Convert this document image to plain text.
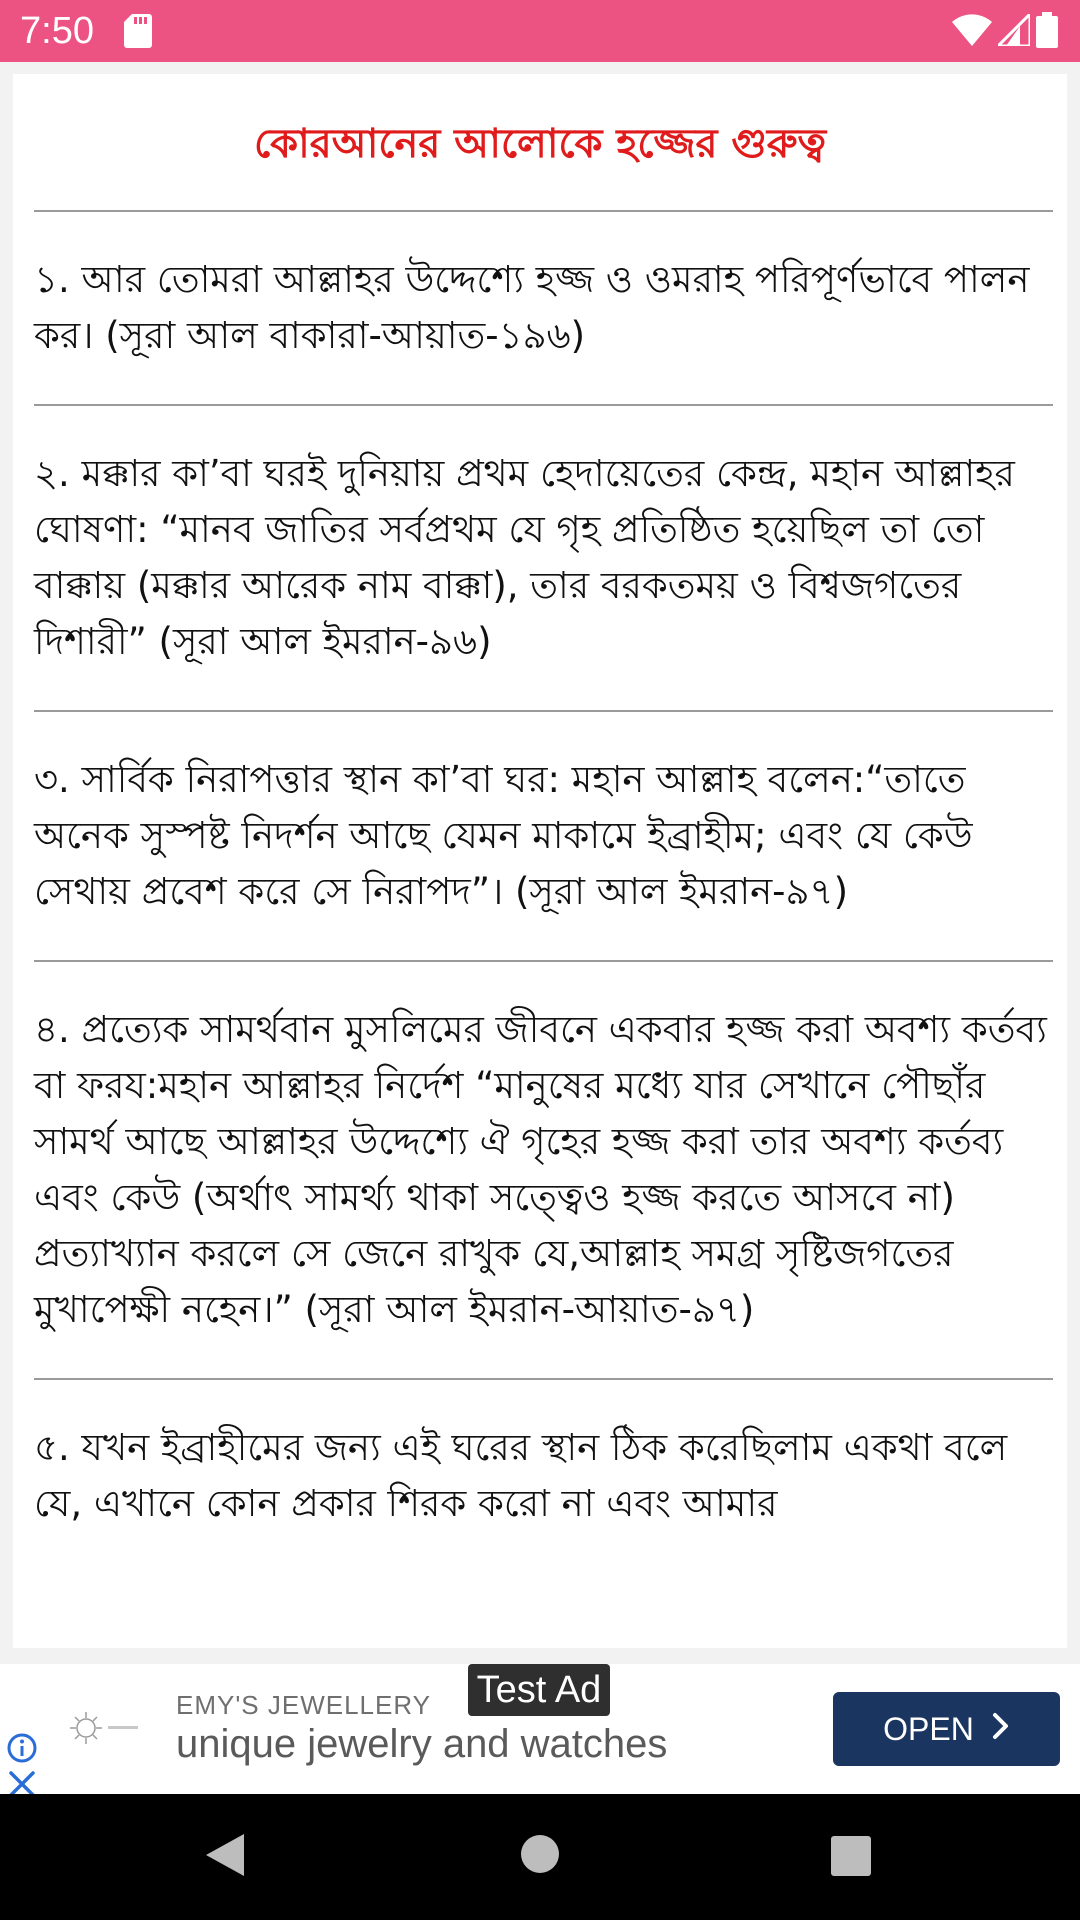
7:50
কোরআনের আলোকে হজ্জের গুরুত্ব

১. আর তোমরা আল্লাহর উদ্দেশ্যে হজ্জ ও ওমরাহ পরিপূর্ণভাবে পালন কর। (সূরা আল বাকারা-আয়াত-১৯৬)

২. মক্কার কা’বা ঘরই দুনিয়ায় প্রথম হেদায়েতের কেন্দ্র, মহান আল্লাহর ঘোষণা: “মানব জাতির সর্বপ্রথম যে গৃহ প্রতিষ্ঠিত হয়েছিল তা তো বাক্কায় (মক্কার আরেক নাম বাক্কা), তার বরকতময় ও বিশ্বজগতের দিশারী” (সূরা আল ইমরান-৯৬)

৩. সার্বিক নিরাপত্তার স্থান কা’বা ঘর: মহান আল্লাহ বলেন:“তাতে অনেক সুস্পষ্ট নিদর্শন আছে যেমন মাকামে ইব্রাহীম; এবং যে কেউ সেথায় প্রবেশ করে সে নিরাপদ”। (সূরা আল ইমরান-৯৭)

৪. প্রত্যেক সামর্থবান মুসলিমের জীবনে একবার হজ্জ করা অবশ্য কর্তব্য বা ফরয:মহান আল্লাহর নির্দেশ “মানুষের মধ্যে যার সেখানে পৌছাঁর সামর্থ আছে আল্লাহর উদ্দেশ্যে ঐ গৃহের হজ্জ করা তার অবশ্য কর্তব্য এবং কেউ (অর্থাৎ সামর্থ্য থাকা সত্ত্বেও হজ্জ করতে আসবে না) প্রত্যাখ্যান করলে সে জেনে রাখুক যে,আল্লাহ সমগ্র সৃষ্টিজগতের মুখাপেক্ষী নহেন।” (সূরা আল ইমরান-আয়াত-৯৭)

৫. যখন ইব্রাহীমের জন্য এই ঘরের স্থান ঠিক করেছিলাম একথা বলে যে, এখানে কোন প্রকার শিরক করো না এবং আমার

EMY'S JEWELLERY
unique jewelry and watches
Test Ad
OPEN
